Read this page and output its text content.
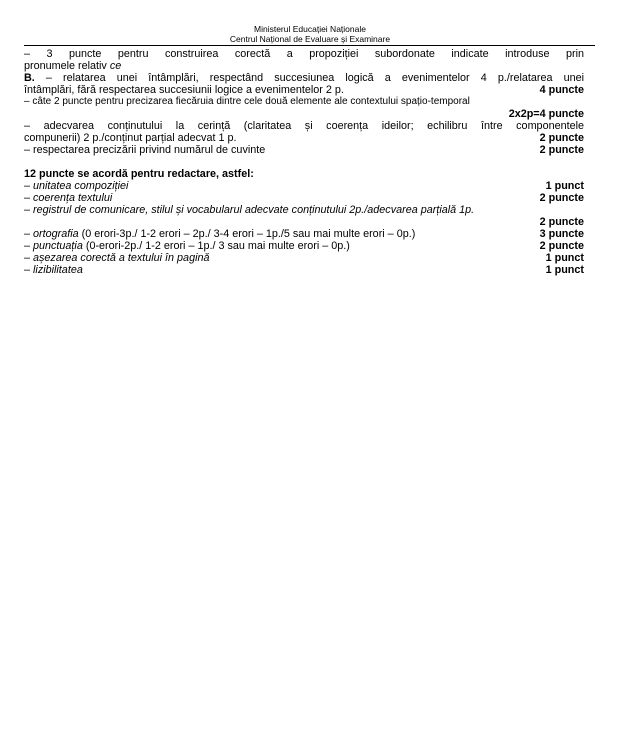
Ministerul Educației Naționale
Centrul Național de Evaluare și Examinare
– 3 puncte pentru construirea corectă a propoziției subordonate indicate introduse prin
pronumele relativ ce
B. – relatarea unei întâmplări, respectând succesiunea logică a evenimentelor 4 p./relatarea unei
întâmplări, fără respectarea succesiunii logice a evenimentelor 2 p.	4 puncte
– câte 2 puncte pentru precizarea fiecăruia dintre cele două elemente ale contextului spațio-temporal
2x2p=4 puncte
– adecvarea conținutului la cerință (claritatea și coerența ideilor; echilibru între componentele
compunerii) 2 p./conținut parțial adecvat 1 p.	2 puncte
– respectarea precizării privind numărul de cuvinte	2 puncte
12 puncte se acordă pentru redactare, astfel:
– unitatea compoziției	1 punct
– coerența textului	2 puncte
– registrul de comunicare, stilul și vocabularul adecvate conținutului 2p./adecvarea parțială 1p.
2 puncte
– ortografia (0 erori-3p./ 1-2 erori – 2p./ 3-4 erori – 1p./5 sau mai multe erori – 0p.)	3 puncte
– punctuația (0-erori-2p./ 1-2 erori – 1p./ 3 sau mai multe erori – 0p.)	2 puncte
– așezarea corectă a textului în pagină	1 punct
– lizibilitatea	1 punct
